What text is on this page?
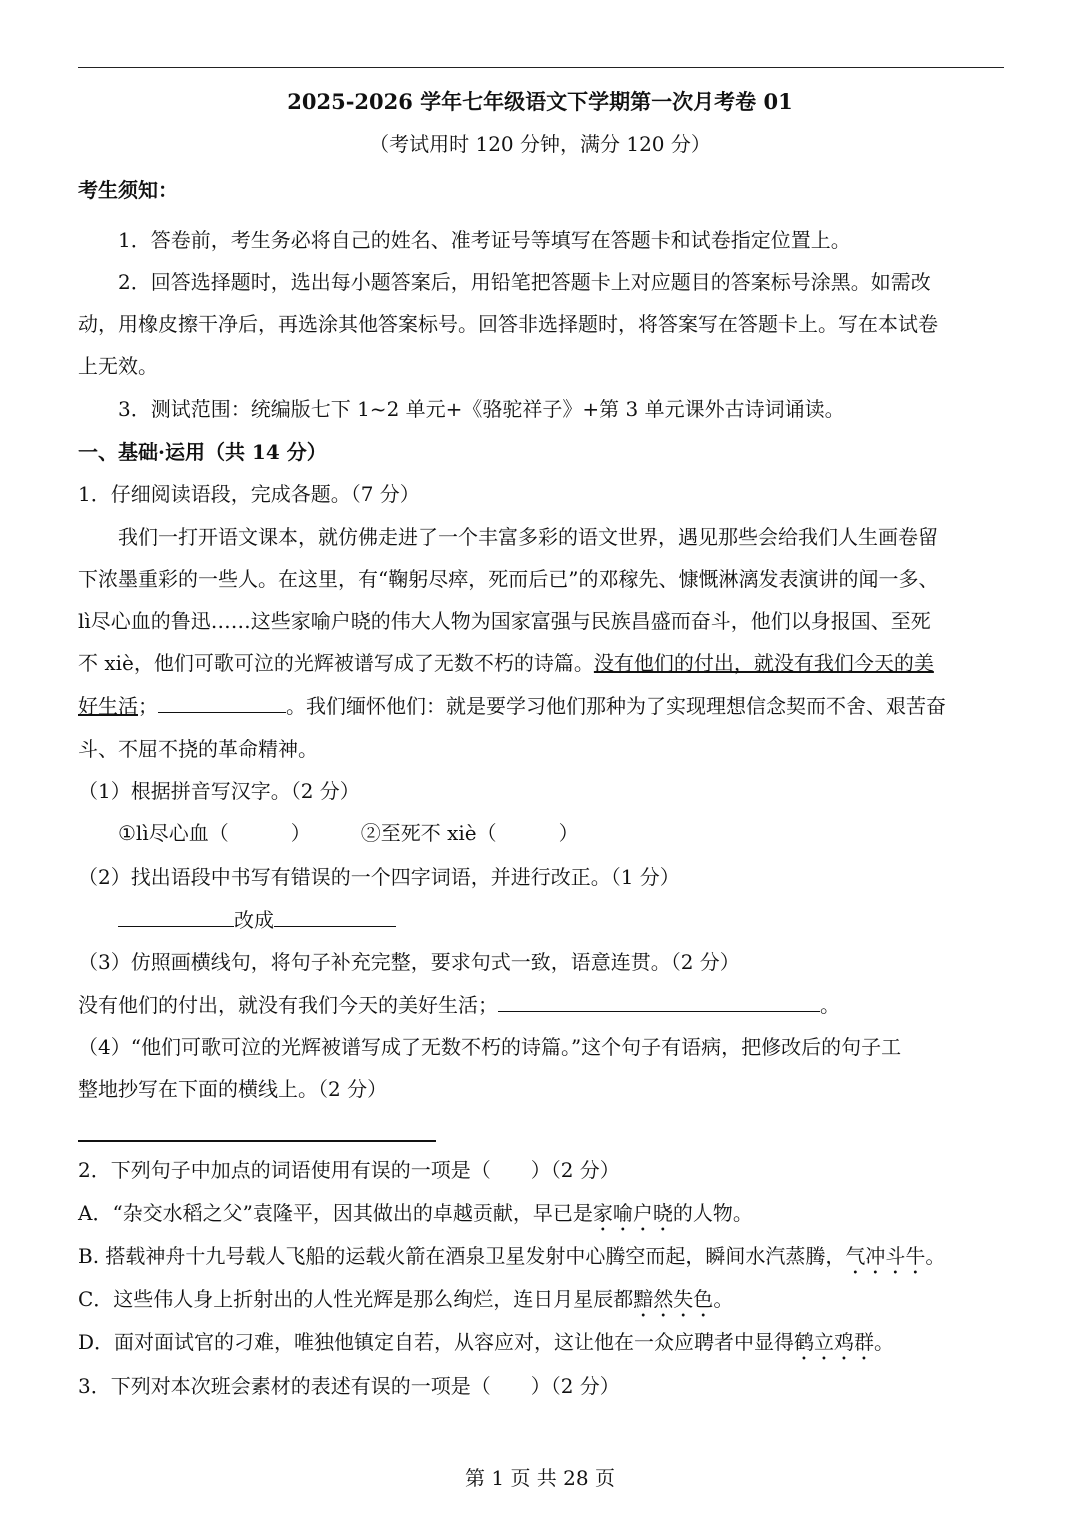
2025-2026 学年七年级语文下学期第一次月考卷 01
（考试用时 120 分钟，满分 120 分）
考生须知：
1．答卷前，考生务必将自己的姓名、准考证号等填写在答题卡和试卷指定位置上。
2．回答选择题时，选出每小题答案后，用铅笔把答题卡上对应题目的答案标号涂黑。如需改
动，用橡皮擦干净后，再选涂其他答案标号。回答非选择题时，将答案写在答题卡上。写在本试卷
上无效。
3．测试范围：统编版七下 1~2 单元+《骆驼祥子》+第 3 单元课外古诗词诵读。
一、基础·运用（共 14 分）
1．仔细阅读语段，完成各题。（7 分）
我们一打开语文课本，就仿佛走进了一个丰富多彩的语文世界，遇见那些会给我们人生画卷留
下浓墨重彩的一些人。在这里，有“鞠躬尽瘁，死而后已”的邓稼先、慷慨淋漓发表演讲的闻一多、
lì尽心血的鲁迅……这些家喻户晓的伟大人物为国家富强与民族昌盛而奋斗，他们以身报国、至死
不 xiè，他们可歌可泣的光辉被谱写成了无数不朽的诗篇。没有他们的付出，就没有我们今天的美
好生活；	。我们缅怀他们：就是要学习他们那种为了实现理想信念契而不舍、艰苦奋
斗、不屈不挠的革命精神。
（1）根据拼音写汉字。（2 分）
①lì尽心血（	）	②至死不 xiè（	）
（2）找出语段中书写有错误的一个四字词语，并进行改正。（1 分）
改成
（3）仿照画横线句，将句子补充完整，要求句式一致，语意连贯。（2 分）
没有他们的付出，就没有我们今天的美好生活；	。
（4）“他们可歌可泣的光辉被谱写成了无数不朽的诗篇。”这个句子有语病，把修改后的句子工
整地抄写在下面的横线上。（2 分）
2．下列句子中加点的词语使用有误的一项是（　　）（2 分）
A．“杂交水稻之父”袁隆平，因其做出的卓越贡献，早已是家喻户晓的人物。
B. 搭载神舟十九号载人飞船的运载火箭在酒泉卫星发射中心腾空而起，瞬间水汽蒸腾，气冲斗牛。
C．这些伟人身上折射出的人性光辉是那么绚烂，连日月星辰都黯然失色。
D．面对面试官的刁难，唯独他镇定自若，从容应对，这让他在一众应聘者中显得鹤立鸡群。
3．下列对本次班会素材的表述有误的一项是（　　）（2 分）
第 1 页 共 28 页
